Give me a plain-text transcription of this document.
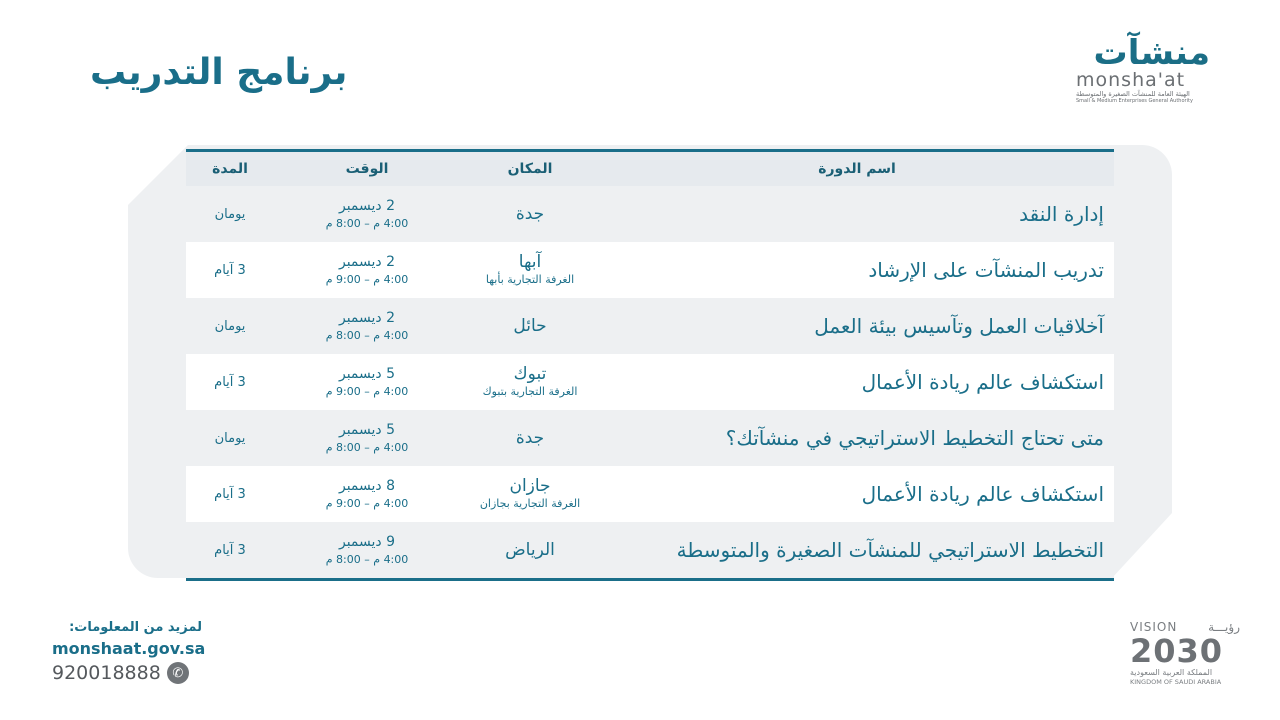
برنامج التدريب	منشآت
monsha'at
الهيئة العامة للمنشآت الصغيرة والمتوسطة
Small & Medium Enterprises General Authority
اسم الدورة
المكان
الوقت
المدة
إدارة النقد
جدة
2 ديسمبر
4:00 م – 8:00 م
يومان
تدريب المنشآت على الإرشاد
آبها
الغرفة التجارية بأبها
2 ديسمبر
4:00 م – 9:00 م
3 آيام
آخلاقيات العمل وتآسيس بيئة العمل
حائل
2 ديسمبر
4:00 م – 8:00 م
يومان
استكشاف عالم ريادة الأعمال
تبوك
الغرفة التجارية بتبوك
5 ديسمبر
4:00 م – 9:00 م
3 آيام
متى تحتاج التخطيط الاستراتيجي في منشآتك؟
جدة
5 ديسمبر
4:00 م – 8:00 م
يومان
استكشاف عالم ريادة الأعمال
جازان
الغرفة التجارية بجازان
8 ديسمبر
4:00 م – 9:00 م
3 آيام
التخطيط الاستراتيجي للمنشآت الصغيرة والمتوسطة
الرياض
9 ديسمبر
4:00 م – 8:00 م
3 آيام
لمزيد من المعلومات:
monshaat.gov.sa
920018888 ✆
VISION	رؤيـــة
2030
المملكة العربية السعودية
KINGDOM OF SAUDI ARABIA
